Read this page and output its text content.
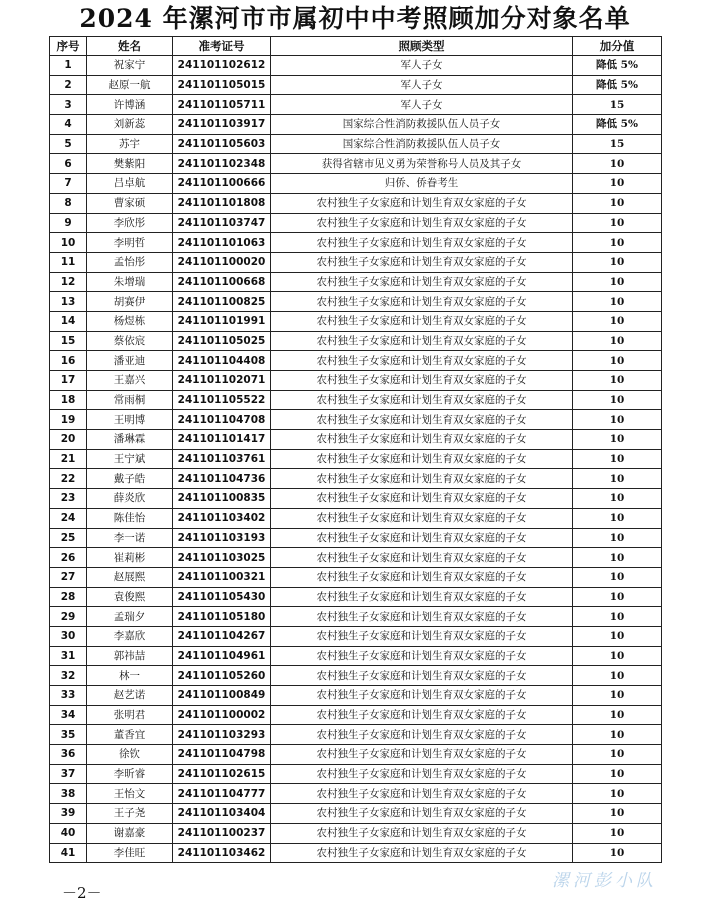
2024 年漯河市市属初中中考照顾加分对象名单
序号	姓名	准考证号	照顾类型	加分值
1	祝家宁	241101102612	军人子女	降低 5%
2	赵原一航	241101105015	军人子女	降低 5%
3	许博涵	241101105711	军人子女	15
4	刘新蕊	241101103917	国家综合性消防救援队伍人员子女	降低 5%
5	苏宇	241101105603	国家综合性消防救援队伍人员子女	15
6	樊紫阳	241101102348	获得省辖市见义勇为荣誉称号人员及其子女	10
7	吕卓航	241101100666	归侨、侨眷考生	10
8	曹家硕	241101101808	农村独生子女家庭和计划生育双女家庭的子女	10
9	李欣彤	241101103747	农村独生子女家庭和计划生育双女家庭的子女	10
10	李明哲	241101101063	农村独生子女家庭和计划生育双女家庭的子女	10
11	孟怡彤	241101100020	农村独生子女家庭和计划生育双女家庭的子女	10
12	朱增瑞	241101100668	农村独生子女家庭和计划生育双女家庭的子女	10
13	胡赛伊	241101100825	农村独生子女家庭和计划生育双女家庭的子女	10
14	杨煜栋	241101101991	农村独生子女家庭和计划生育双女家庭的子女	10
15	蔡依宸	241101105025	农村独生子女家庭和计划生育双女家庭的子女	10
16	潘亚迪	241101104408	农村独生子女家庭和计划生育双女家庭的子女	10
17	王嘉兴	241101102071	农村独生子女家庭和计划生育双女家庭的子女	10
18	常雨桐	241101105522	农村独生子女家庭和计划生育双女家庭的子女	10
19	王明博	241101104708	农村独生子女家庭和计划生育双女家庭的子女	10
20	潘琳霖	241101101417	农村独生子女家庭和计划生育双女家庭的子女	10
21	王宁斌	241101103761	农村独生子女家庭和计划生育双女家庭的子女	10
22	戴子皓	241101104736	农村独生子女家庭和计划生育双女家庭的子女	10
23	薛炎欣	241101100835	农村独生子女家庭和计划生育双女家庭的子女	10
24	陈佳怡	241101103402	农村独生子女家庭和计划生育双女家庭的子女	10
25	李一诺	241101103193	农村独生子女家庭和计划生育双女家庭的子女	10
26	崔莉彬	241101103025	农村独生子女家庭和计划生育双女家庭的子女	10
27	赵展熙	241101100321	农村独生子女家庭和计划生育双女家庭的子女	10
28	袁俊熙	241101105430	农村独生子女家庭和计划生育双女家庭的子女	10
29	孟瑞夕	241101105180	农村独生子女家庭和计划生育双女家庭的子女	10
30	李嘉欣	241101104267	农村独生子女家庭和计划生育双女家庭的子女	10
31	郭祎喆	241101104961	农村独生子女家庭和计划生育双女家庭的子女	10
32	林一	241101105260	农村独生子女家庭和计划生育双女家庭的子女	10
33	赵艺诺	241101100849	农村独生子女家庭和计划生育双女家庭的子女	10
34	张明君	241101100002	农村独生子女家庭和计划生育双女家庭的子女	10
35	董香宜	241101103293	农村独生子女家庭和计划生育双女家庭的子女	10
36	徐钦	241101104798	农村独生子女家庭和计划生育双女家庭的子女	10
37	李昕睿	241101102615	农村独生子女家庭和计划生育双女家庭的子女	10
38	王怡文	241101104777	农村独生子女家庭和计划生育双女家庭的子女	10
39	王子尧	241101103404	农村独生子女家庭和计划生育双女家庭的子女	10
40	谢嘉豪	241101100237	农村独生子女家庭和计划生育双女家庭的子女	10
41	李佳旺	241101103462	农村独生子女家庭和计划生育双女家庭的子女	10
－2－
漯河彭小队
